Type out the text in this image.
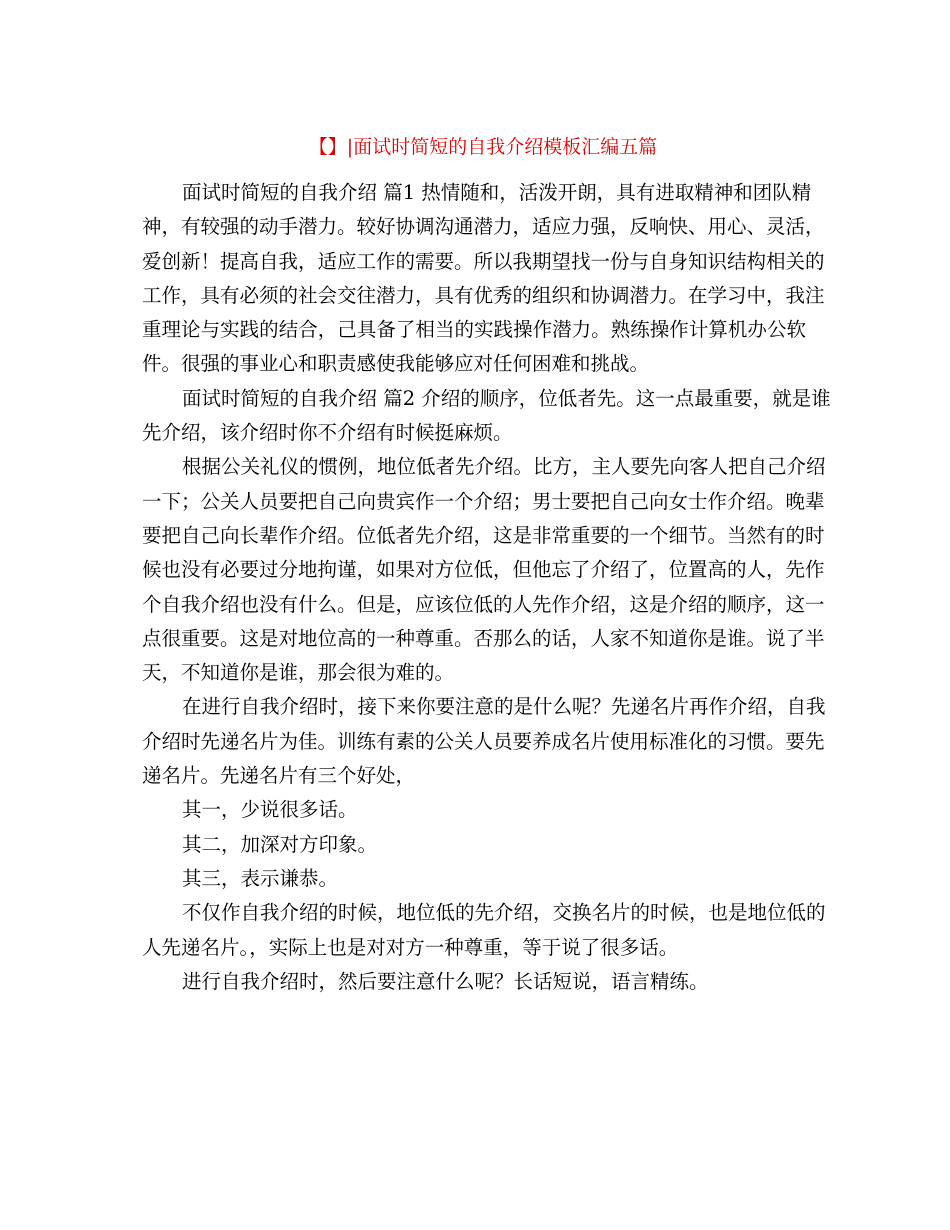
【】|面试时简短的自我介绍模板汇编五篇
面试时简短的自我介绍 篇1 热情随和，活泼开朗，具有进取精神和团队精
神，有较强的动手潜力。较好协调沟通潜力，适应力强，反响快、用心、灵活，
爱创新！提高自我，适应工作的需要。所以我期望找一份与自身知识结构相关的
工作，具有必须的社会交往潜力，具有优秀的组织和协调潜力。在学习中，我注
重理论与实践的结合，己具备了相当的实践操作潜力。熟练操作计算机办公软
件。很强的事业心和职责感使我能够应对任何困难和挑战。
面试时简短的自我介绍 篇2 介绍的顺序，位低者先。这一点最重要，就是谁
先介绍，该介绍时你不介绍有时候挺麻烦。
根据公关礼仪的惯例，地位低者先介绍。比方，主人要先向客人把自己介绍
一下；公关人员要把自己向贵宾作一个介绍；男士要把自己向女士作介绍。晚辈
要把自己向长辈作介绍。位低者先介绍，这是非常重要的一个细节。当然有的时
候也没有必要过分地拘谨，如果对方位低，但他忘了介绍了，位置高的人，先作
个自我介绍也没有什么。但是，应该位低的人先作介绍，这是介绍的顺序，这一
点很重要。这是对地位高的一种尊重。否那么的话，人家不知道你是谁。说了半
天，不知道你是谁，那会很为难的。
在进行自我介绍时，接下来你要注意的是什么呢？先递名片再作介绍，自我
介绍时先递名片为佳。训练有素的公关人员要养成名片使用标准化的习惯。要先
递名片。先递名片有三个好处，
其一，少说很多话。
其二，加深对方印象。
其三，表示谦恭。
不仅作自我介绍的时候，地位低的先介绍，交换名片的时候，也是地位低的
人先递名片。，实际上也是对对方一种尊重，等于说了很多话。
进行自我介绍时，然后要注意什么呢？长话短说，语言精练。
